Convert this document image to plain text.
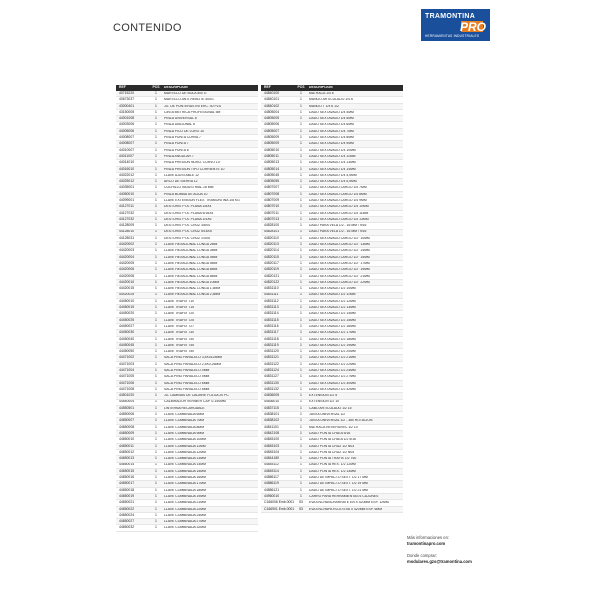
CONTENIDO
TRAMONTINA
PRO
HERRAMIENTAS INDUSTRIALES
REF	PCS	DESCRIPCIÓN
40715220	1	MARTILLO DE BOLA 500 G
40673037	1	MARTILLO ANTI-REBOTE 500G
43000401	1	JG. DE PUNTERAS INTERC. 40 PZS
43150005	1	CINTA MÉTRICA PROFESIONAL 5M
44001008	1	PINZA UNIVERSAL 8
44003006	1	PINZA DIAGONAL 6
44005006	1	PINZA PICO DE LORO 10
44008007	1	PINZA PUNTA CURVA 7
44008007	1	PINZA PUNTA 7
44010007	1	PINZA PUNTA 6
44011007	1	PINZA ANGULAR 7
44014010	1	PINZA PRESIÓN NORD. CURVO 10"
44016010	1	PINZA PRESIÓN TIPO CORRIENTE 10
44022012	1	LLAVE AJUSTABLE 12
44025012	1	ARCO DE SIERRA 12
44035001	1	CUCHILLO INDUSTRIAL 18 MM
44050010	1	PINZA BOMBA DE AGUA 10
44099001	1	LLAVE EXTENSIÓN FLEX. TRAMONTINA 1/8 KG
44127011	1	DESTORN. PTA. PLANA 1/8X4
44127032	1	DESTORN. PTA. PLANA 5/16X5
44127032	1	DESTORN. PTA. PLANA 1/4X6
44128009	1	DESTORN. PTA. CRUZ 3/8X4
44128010	1	DESTORN. PTA. CRUZ 5/16X5
44128031	1	DESTORN. PTA. CRUZ 1/4X5
44420002	1	LLAVE HEXAGONAL LONGA 2MM
44420003	1	LLAVE HEXAGONAL LONGA 3MM
44420004	1	LLAVE HEXAGONAL LONGA 4MM
44420005	1	LLAVE HEXAGONAL LONGA 5MM
44420006	1	LLAVE HEXAGONAL LONGA 6MM
44420008	1	LLAVE HEXAGONAL LONGA 8MM
44420010	1	LLAVE HEXAGONAL LONGA 10MM
44420015	1	LLAVE HEXAGONAL LONGA 1,5MM
44420025	1	LLAVE HEXAGONAL LONGA 2,5MM
44450010	1	LLAVE TRAFIX T10
44450015	1	LLAVE TRAFIX T15
44450020	1	LLAVE TRAFIX T20
44450025	1	LLAVE TRAFIX T25
44450027	1	LLAVE TRAFIX T27
44450030	1	LLAVE TRAFIX T30
44450040	1	LLAVE TRAFIX T40
44450045	1	LLAVE TRAFIX T45
44450050	1	LLAVE TRAFIX T50
44471002	1	SACA PINO PARALELO 3,5X0125MM
44471003	1	SACA PINO PARALELO 2,5X0,25MM
44471004	1	SACA PINO PARALELO 4MM
44471005	1	SACA PINO PARALELO 5MM
44471006	1	SACA PINO PARALELO 6MM
44471008	1	SACA PINO PARALELO 8MM
44501020	1	JG. LAMINAS DE CALIBRE FOLGA 20 PC
44540004	1	CALIBRADOR VERNIER CAP. 0-150MM
44550501	1	LINTERNA RECARGABLE
44650006	1	LLAVE COMBINADA 6MM
44650007	1	LLAVE COMBINADA 7MM
44650008	1	LLAVE COMBINADA 8MM
44650009	1	LLAVE COMBINADA 9MM
44650010	1	LLAVE COMBINADA 10MM
44650011	1	LLAVE COMBINADA 11MM
44650012	1	LLAVE COMBINADA 12MM
44650013	1	LLAVE COMBINADA 13MM
44650014	1	LLAVE COMBINADA 14MM
44650015	1	LLAVE COMBINADA 15MM
44650016	1	LLAVE COMBINADA 16MM
44650017	1	LLAVE COMBINADA 17MM
44650018	1	LLAVE COMBINADA 18MM
44650019	1	LLAVE COMBINADA 19MM
44650021	1	LLAVE COMBINADA 21MM
44650022	1	LLAVE COMBINADA 22MM
44650024	1	LLAVE COMBINADA 24MM
44650027	1	LLAVE COMBINADA 27MM
44650032	1	LLAVE COMBINADA 32MM
REF	PCS	DESCRIPCIÓN
44840100	1	MATRACA 1/4 6
44840101	1	MANGO ARTICULADO 1/4 6
44840102	1	MANGO T 1/4 6 1/2
44805004	1	DADO SEXTAVADO 1/4 4MM
44805005	1	DADO SEXTAVADO 1/4 5MM
44805006	1	DADO SEXTAVADO 1/4 6MM
44805007	1	DADO SEXTAVADO 1/4 7MM
44805009	1	DADO SEXTAVADO 1/4 8MM
44805009	1	DADO SEXTAVADO 1/4 9MM
44805010	1	DADO SEXTAVADO 1/4 10MM
44805011	1	DADO SEXTAVADO 1/4 11MM
44805013	1	DADO SEXTAVADO 1/4 13MM
44805014	1	DADO SEXTAVADO 1/4 14MM
44805045	1	DADO SEXTAVADO 1/4 4,5MM
44805055	1	DADO SEXTAVADO 1/4 5,5MM
44807007	1	DADO SEXTAVADO LARGO 1/4 7MM
44807008	1	DADO SEXTAVADO LARGO 1/4 8MM
44807009	1	DADO SEXTAVADO LARGO 1/4 9MM
44807010	1	DADO SEXTAVADO LARGO 1/4 10MM
44807011	1	DADO SEXTAVADO LARGO 1/4 11MM
44807013	1	DADO SEXTAVADO LARGO 1/4 13MM
44828100	1	DADO PARA VELA 1/2 - 16 MM / 9/16
44828101	1	DADO PARA VELA 1/2 - 16 MM / 9/16
44820110	1	DADO SEXTAVADO LARGO 1/2" 10MM
44820113	1	DADO SEXTAVADO LARGO 1/2" 13MM
44820114	1	DADO SEXTAVADO LARGO 1/2" 14MM
44820115	1	DADO SEXTAVADO LARGO 1/2" 15MM
44820117	1	DADO SEXTAVADO LARGO 1/2" 17MM
44820119	1	DADO SEXTAVADO LARGO 1/2" 19MM
44820121	1	DADO SEXTAVADO LARGO 1/2" 21MM
44820122	1	DADO SEXTAVADO LARGO 1/2" 22MM
44831110	1	DADO SEXTAVADO 1/2 10MM
44831111	1	DADO SEXTAVADO 1/2 11MM
44831112	1	DADO SEXTAVADO 1/2 12MM
44831113	1	DADO SEXTAVADO 1/2 13MM
44831114	1	DADO SEXTAVADO 1/2 14MM
44831115	1	DADO SEXTAVADO 1/2 15MM
44831116	1	DADO SEXTAVADO 1/2 16MM
44831117	1	DADO SEXTAVADO 1/2 17MM
44831118	1	DADO SEXTAVADO 1/2 18MM
44831119	1	DADO SEXTAVADO 1/2 19MM
44831120	1	DADO SEXTAVADO 1/2 20MM
44831121	1	DADO SEXTAVADO 1/2 21MM
44831122	1	DADO SEXTAVADO 1/2 22MM
44831124	1	DADO SEXTAVADO 1/2 24MM
44831127	1	DADO SEXTAVADO 1/2 27MM
44831130	1	DADO SEXTAVADO 1/2 30MM
44831132	1	DADO SEXTAVADO 1/2 32MM
44836005	1	EXTENSIÓN 1/2 5
44836010	1	EXTENSIÓN 1/2 10
44837115	1	CABO ARTICULADO 1/2 15
44838101	1	JUNTA UNIVERSAL 1/2
44838102	1	JUNTA UNIVERSAL 1/2 - 360 ROTACIÓN
44841101	1	MATRACA REVERSIVEL 1/2 10
44842108	1	DADO PONTA CHATA 5/16
44845100	1	DADO PONTA CHATA 1/2 5/16
44845103	1	DADO PONTA CRUZ 1/2 N03
44845104	1	DADO PONTA CRUZ 1/2 N04
44844180	1	DADO PONTA TRAFIX 1/2 T60
44845112	1	DADO PONTA HEX. 1/2 12MM
44845114	1	DADO PONTA HEX. 1/2 14MM
44886117	1	DADO DE IMPACTO SEXT. 1/2 17 MM
44886119	1	DADO DE IMPACTO SEXT. 1/2 19 MM
44886121	1	DADO DE IMPACTO SEXT. 1/2 21 MM
44960010	1	CARRO PARA HERRAMIENTAS 6 CAJONES
C166006 Emb.0001	53	EVA ENCHANCHARRATE EN X 420MM ESP. 12MM
C166901 Emb.0001	53	EVA ENCHAPA ROJO EVA X 420MM ESP. 6MM
Más informaciones en:
tramontinapro.com
Donde comprar:
modulares.gzs@tramontina.com
